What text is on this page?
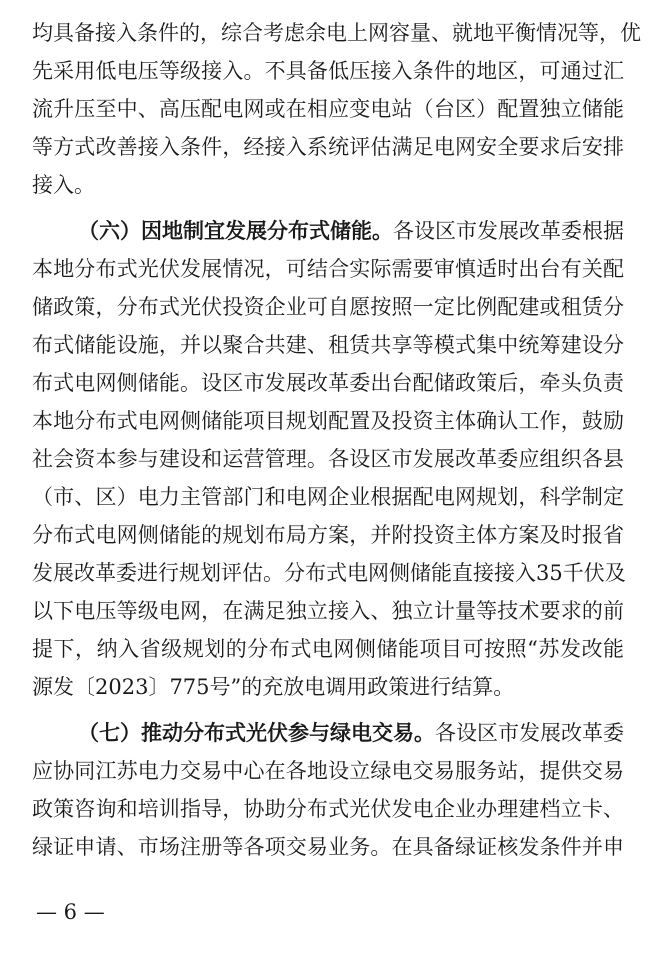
均具备接入条件的，综合考虑余电上网容量、就地平衡情况等，优
先采用低电压等级接入。不具备低压接入条件的地区，可通过汇
流升压至中、高压配电网或在相应变电站（台区）配置独立储能
等方式改善接入条件，经接入系统评估满足电网安全要求后安排
接入。
（六）因地制宜发展分布式储能。各设区市发展改革委根据
本地分布式光伏发展情况，可结合实际需要审慎适时出台有关配
储政策，分布式光伏投资企业可自愿按照一定比例配建或租赁分
布式储能设施，并以聚合共建、租赁共享等模式集中统筹建设分
布式电网侧储能。设区市发展改革委出台配储政策后，牵头负责
本地分布式电网侧储能项目规划配置及投资主体确认工作，鼓励
社会资本参与建设和运营管理。各设区市发展改革委应组织各县
（市、区）电力主管部门和电网企业根据配电网规划，科学制定
分布式电网侧储能的规划布局方案，并附投资主体方案及时报省
发展改革委进行规划评估。分布式电网侧储能直接接入35千伏及
以下电压等级电网，在满足独立接入、独立计量等技术要求的前
提下，纳入省级规划的分布式电网侧储能项目可按照“苏发改能
源发〔2023〕775号”的充放电调用政策进行结算。
（七）推动分布式光伏参与绿电交易。各设区市发展改革委
应协同江苏电力交易中心在各地设立绿电交易服务站，提供交易
政策咨询和培训指导，协助分布式光伏发电企业办理建档立卡、
绿证申请、市场注册等各项交易业务。在具备绿证核发条件并申
— 6 —
